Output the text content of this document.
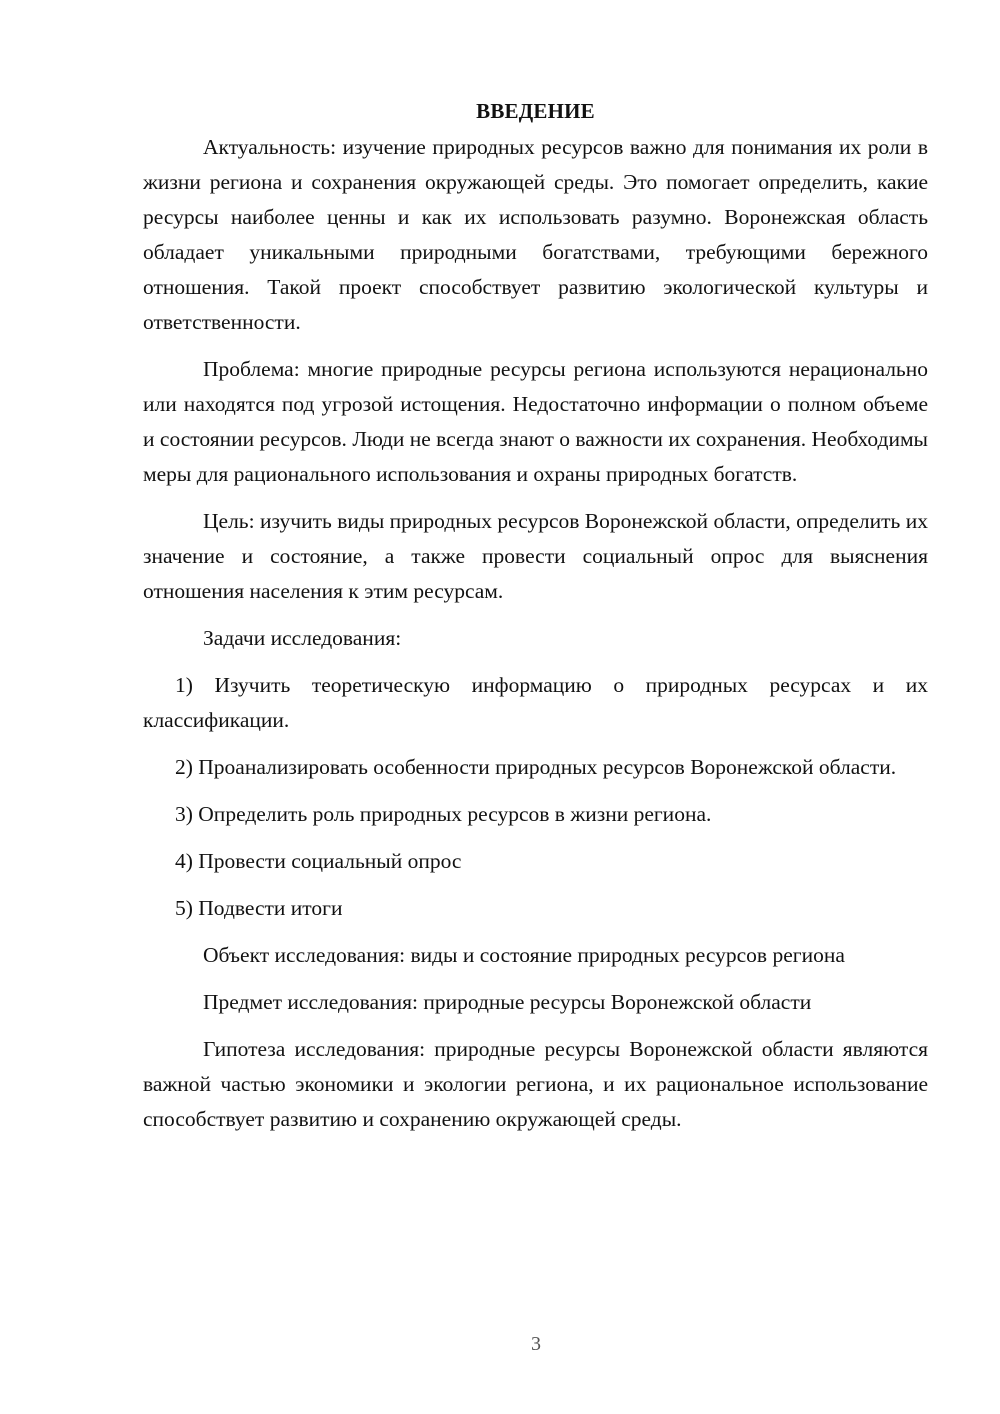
ВВЕДЕНИЕ

Актуальность: изучение природных ресурсов важно для понимания их роли в жизни региона и сохранения окружающей среды. Это помогает определить, какие ресурсы наиболее ценны и как их использовать разумно. Воронежская область обладает уникальными природными богатствами, требующими бережного отношения. Такой проект способствует развитию экологической культуры и ответственности.

Проблема: многие природные ресурсы региона используются нерационально или находятся под угрозой истощения. Недостаточно информации о полном объеме и состоянии ресурсов. Люди не всегда знают о важности их сохранения. Необходимы меры для рационального использования и охраны природных богатств.

Цель: изучить виды природных ресурсов Воронежской области, определить их значение и состояние, а также провести социальный опрос для выяснения отношения населения к этим ресурсам.

Задачи исследования:

1) Изучить теоретическую информацию о природных ресурсах и их классификации.

2) Проанализировать особенности природных ресурсов Воронежской области.

3) Определить роль природных ресурсов в жизни региона.

4) Провести социальный опрос

5) Подвести итоги

Объект исследования: виды и состояние природных ресурсов региона

Предмет исследования: природные ресурсы Воронежской области

Гипотеза исследования: природные ресурсы Воронежской области являются важной частью экономики и экологии региона, и их рациональное использование способствует развитию и сохранению окружающей среды.

3
